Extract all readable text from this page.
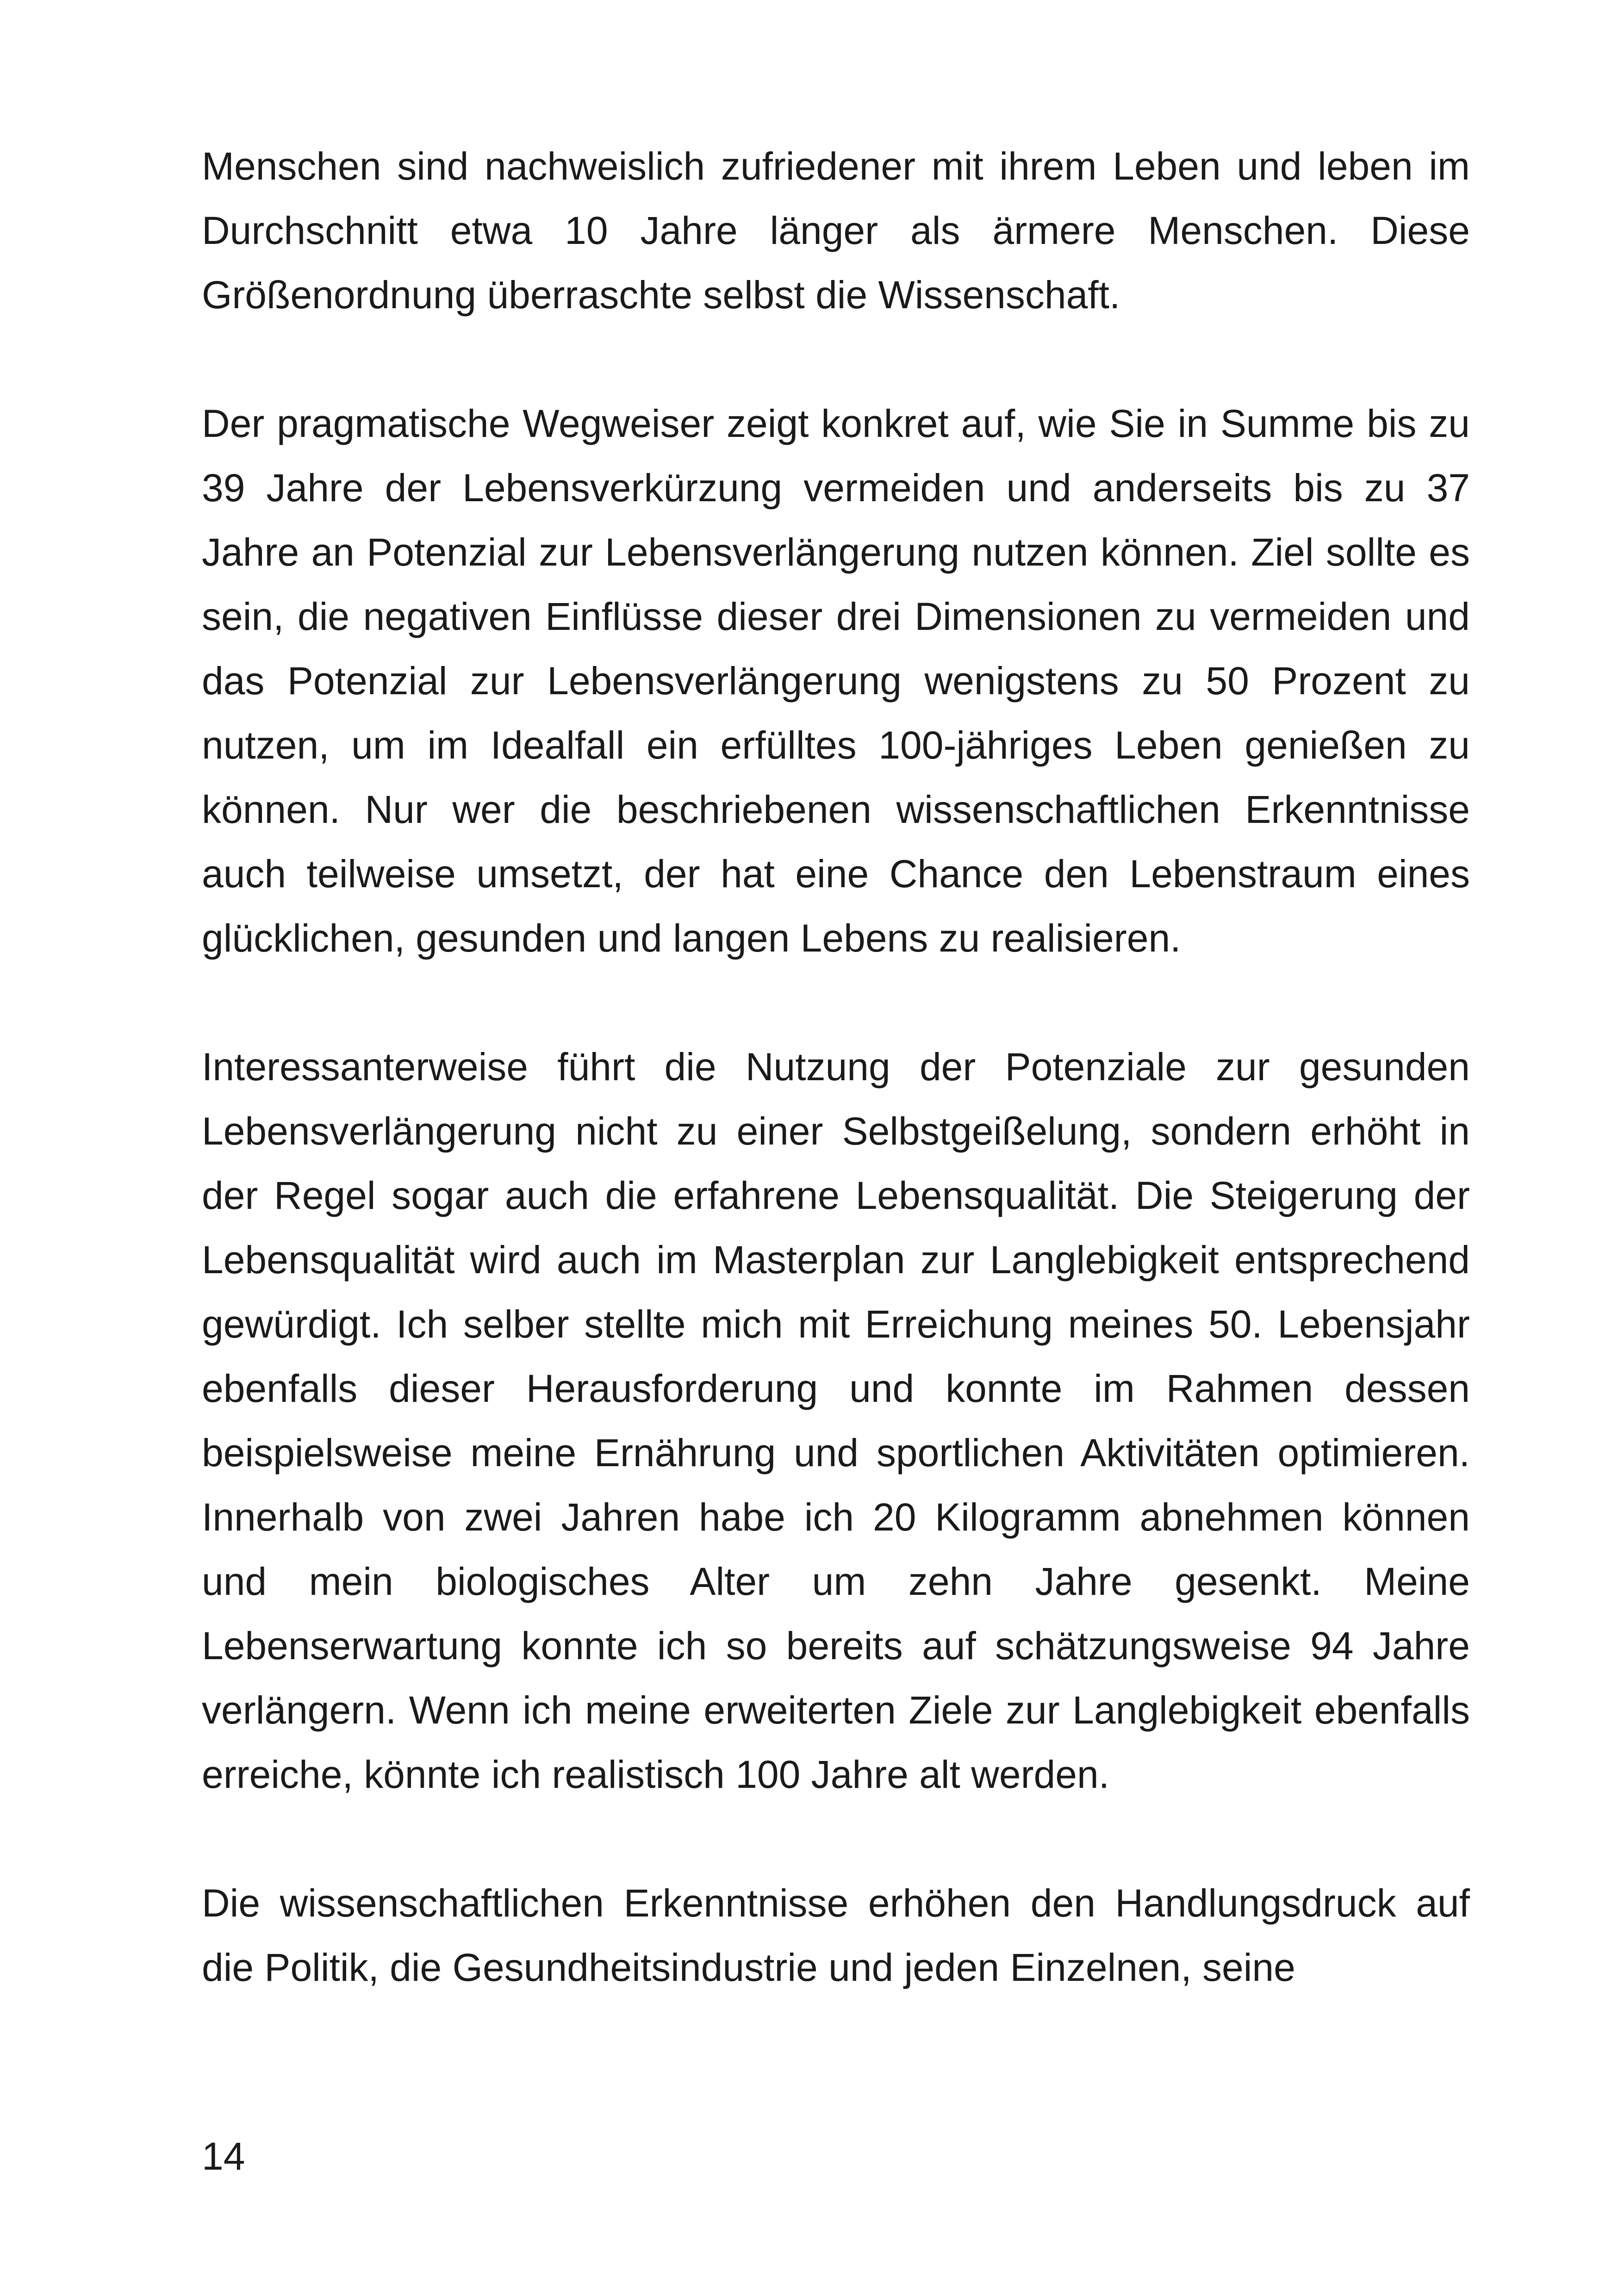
Menschen sind nachweislich zufriedener mit ihrem Leben und leben im Durchschnitt etwa 10 Jahre länger als ärmere Menschen. Diese Größenordnung überraschte selbst die Wissenschaft.

Der pragmatische Wegweiser zeigt konkret auf, wie Sie in Summe bis zu 39 Jahre der Lebensverkürzung vermeiden und anderseits bis zu 37 Jahre an Potenzial zur Lebensverlängerung nutzen können. Ziel sollte es sein, die negativen Einflüsse dieser drei Dimensionen zu vermeiden und das Potenzial zur Lebensverlängerung wenigstens zu 50 Prozent zu nutzen, um im Idealfall ein erfülltes 100-jähriges Leben genießen zu können. Nur wer die beschriebenen wissenschaftlichen Erkenntnisse auch teilweise umsetzt, der hat eine Chance den Lebenstraum eines glücklichen, gesunden und langen Lebens zu realisieren.

Interessanterweise führt die Nutzung der Potenziale zur gesunden Lebensverlängerung nicht zu einer Selbstgeißelung, sondern erhöht in der Regel sogar auch die erfahrene Lebensqualität. Die Steigerung der Lebensqualität wird auch im Masterplan zur Langlebigkeit entsprechend gewürdigt. Ich selber stellte mich mit Erreichung meines 50. Lebensjahr ebenfalls dieser Herausforderung und konnte im Rahmen dessen beispielsweise meine Ernährung und sportlichen Aktivitäten optimieren. Innerhalb von zwei Jahren habe ich 20 Kilogramm abnehmen können und mein biologisches Alter um zehn Jahre gesenkt. Meine Lebenserwartung konnte ich so bereits auf schätzungsweise 94 Jahre verlängern. Wenn ich meine erweiterten Ziele zur Langlebigkeit ebenfalls erreiche, könnte ich realistisch 100 Jahre alt werden.

Die wissenschaftlichen Erkenntnisse erhöhen den Handlungsdruck auf die Politik, die Gesundheitsindustrie und jeden Einzelnen, seine

14
